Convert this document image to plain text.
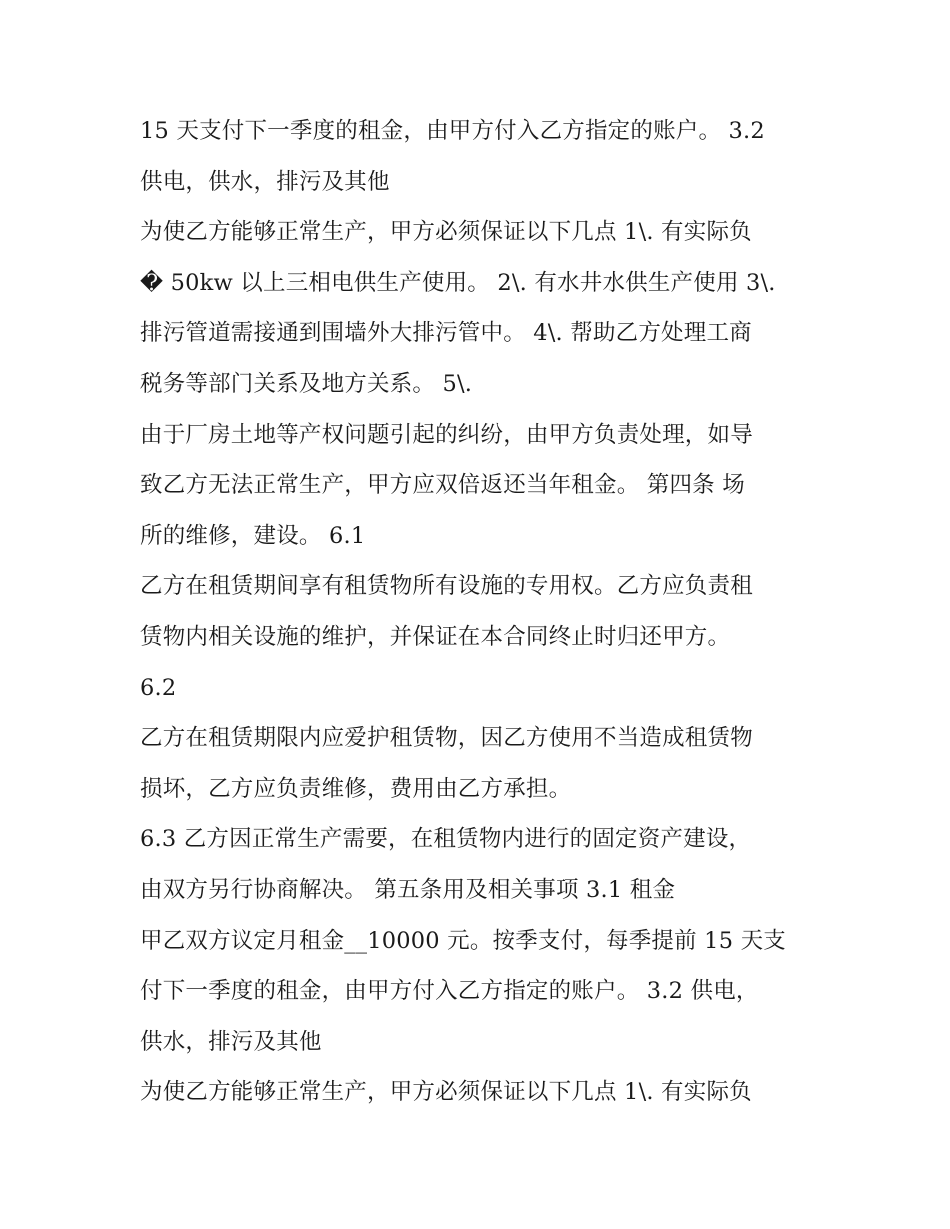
15 天支付下一季度的租金，由甲方付入乙方指定的账户。 3.2
供电，供水，排污及其他
为使乙方能够正常生产，甲方必须保证以下几点 1\. 有实际负
� 50kw 以上三相电供生产使用。 2\. 有水井水供生产使用 3\.
排污管道需接通到围墙外大排污管中。 4\. 帮助乙方处理工商
税务等部门关系及地方关系。 5\.
由于厂房土地等产权问题引起的纠纷，由甲方负责处理，如导
致乙方无法正常生产，甲方应双倍返还当年租金。 第四条 场
所的维修，建设。 6.1
乙方在租赁期间享有租赁物所有设施的专用权。乙方应负责租
赁物内相关设施的维护，并保证在本合同终止时归还甲方。
6.2
乙方在租赁期限内应爱护租赁物，因乙方使用不当造成租赁物
损坏，乙方应负责维修，费用由乙方承担。
6.3 乙方因正常生产需要，在租赁物内进行的固定资产建设，
由双方另行协商解决。 第五条用及相关事项 3.1 租金
甲乙双方议定月租金__10000 元。按季支付，每季提前 15 天支
付下一季度的租金，由甲方付入乙方指定的账户。 3.2 供电，
供水，排污及其他
为使乙方能够正常生产，甲方必须保证以下几点 1\. 有实际负
